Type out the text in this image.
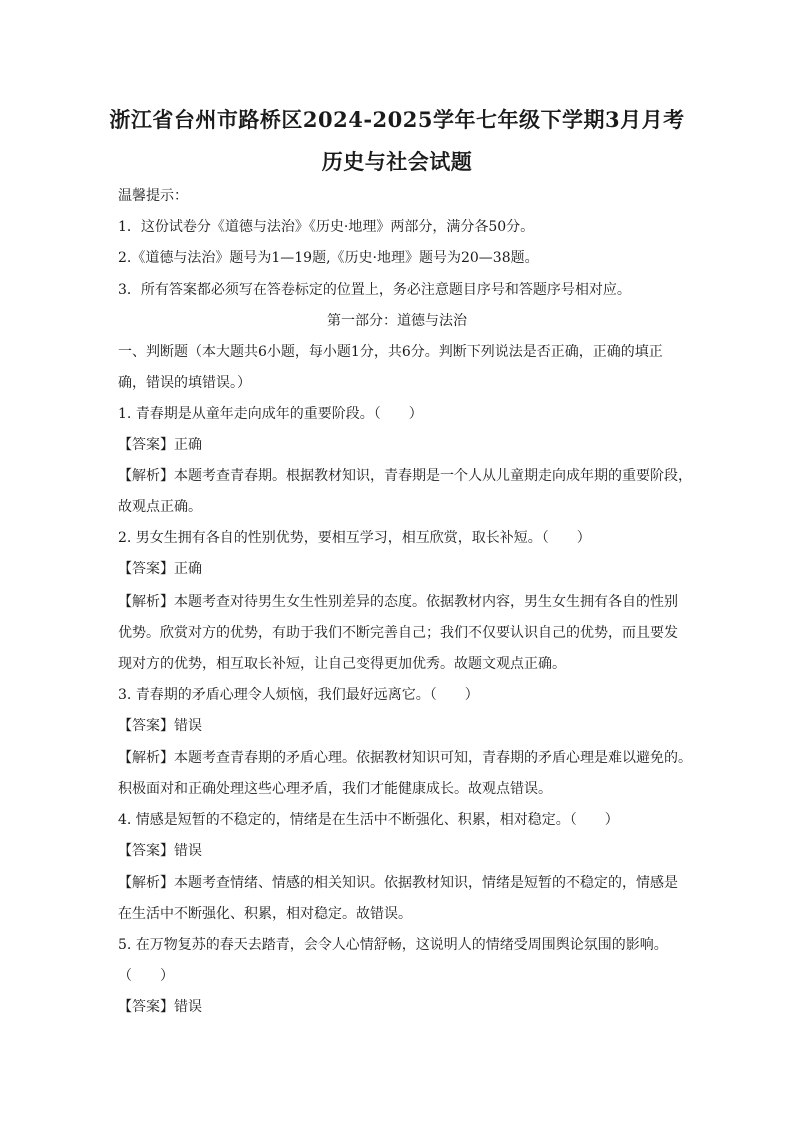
浙江省台州市路桥区2024-2025学年七年级下学期3月月考
历史与社会试题
温馨提示：
1．这份试卷分《道德与法治》《历史·地理》两部分，满分各50分。
2.《道德与法治》题号为1—19题,《历史·地理》题号为20—38题。
3．所有答案都必须写在答卷标定的位置上，务必注意题目序号和答题序号相对应。
第一部分：道德与法治
一、判断题（本大题共6小题，每小题1分，共6分。判断下列说法是否正确，正确的填正
确，错误的填错误。）
1. 青春期是从童年走向成年的重要阶段。（　　）
【答案】正确
【解析】本题考查青春期。根据教材知识，青春期是一个人从儿童期走向成年期的重要阶段，
故观点正确。
2. 男女生拥有各自的性别优势，要相互学习，相互欣赏，取长补短。（　　）
【答案】正确
【解析】本题考查对待男生女生性别差异的态度。依据教材内容，男生女生拥有各自的性别
优势。欣赏对方的优势，有助于我们不断完善自己；我们不仅要认识自己的优势，而且要发
现对方的优势，相互取长补短，让自己变得更加优秀。故题文观点正确。
3. 青春期的矛盾心理令人烦恼，我们最好远离它。（　　）
【答案】错误
【解析】本题考查青春期的矛盾心理。依据教材知识可知，青春期的矛盾心理是难以避免的。
积极面对和正确处理这些心理矛盾，我们才能健康成长。故观点错误。
4. 情感是短暂的不稳定的，情绪是在生活中不断强化、积累，相对稳定。（　　）
【答案】错误
【解析】本题考查情绪、情感的相关知识。依据教材知识，情绪是短暂的不稳定的，情感是
在生活中不断强化、积累，相对稳定。故错误。
5. 在万物复苏的春天去踏青，会令人心情舒畅，这说明人的情绪受周围舆论氛围的影响。
（　　）
【答案】错误
